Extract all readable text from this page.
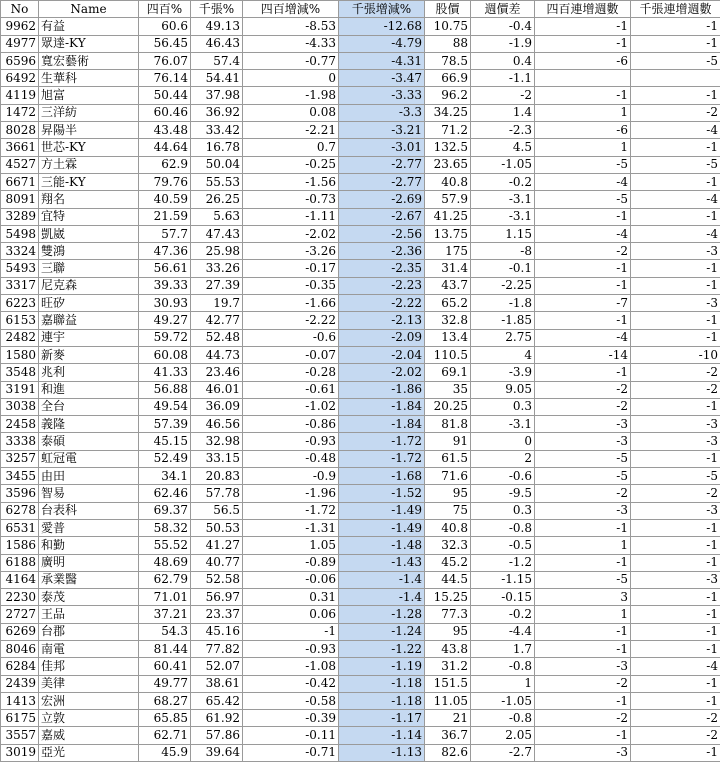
No	Name	四百%	千張%	四百增減%	千張增減%	股價	週價差	四百連增週數	千張連增週數
9962	有益	60.6	49.13	-8.53	-12.68	10.75	-0.4	-1	-1
4977	眾達-KY	56.45	46.43	-4.33	-4.79	88	-1.9	-1	-1
6596	寬宏藝術	76.07	57.4	-0.77	-4.31	78.5	0.4	-6	-5
6492	生華科	76.14	54.41	0	-3.47	66.9	-1.1		
4119	旭富	50.44	37.98	-1.98	-3.33	96.2	-2	-1	-1
1472	三洋紡	60.46	36.92	0.08	-3.3	34.25	1.4	1	-2
8028	昇陽半	43.48	33.42	-2.21	-3.21	71.2	-2.3	-6	-4
3661	世芯-KY	44.64	16.78	0.7	-3.01	132.5	4.5	1	-1
4527	方土霖	62.9	50.04	-0.25	-2.77	23.65	-1.05	-5	-5
6671	三能-KY	79.76	55.53	-1.56	-2.77	40.8	-0.2	-4	-1
8091	翔名	40.59	26.25	-0.73	-2.69	57.9	-3.1	-5	-4
3289	宜特	21.59	5.63	-1.11	-2.67	41.25	-3.1	-1	-1
5498	凱崴	57.7	47.43	-2.02	-2.56	13.75	1.15	-4	-4
3324	雙鴻	47.36	25.98	-3.26	-2.36	175	-8	-2	-3
5493	三聯	56.61	33.26	-0.17	-2.35	31.4	-0.1	-1	-1
3317	尼克森	39.33	27.39	-0.35	-2.23	43.7	-2.25	-1	-1
6223	旺矽	30.93	19.7	-1.66	-2.22	65.2	-1.8	-7	-3
6153	嘉聯益	49.27	42.77	-2.22	-2.13	32.8	-1.85	-1	-1
2482	連宇	59.72	52.48	-0.6	-2.09	13.4	2.75	-4	-1
1580	新麥	60.08	44.73	-0.07	-2.04	110.5	4	-14	-10
3548	兆利	41.33	23.46	-0.28	-2.02	69.1	-3.9	-1	-2
3191	和進	56.88	46.01	-0.61	-1.86	35	9.05	-2	-2
3038	全台	49.54	36.09	-1.02	-1.84	20.25	0.3	-2	-1
2458	義隆	57.39	46.56	-0.86	-1.84	81.8	-3.1	-3	-3
3338	泰碩	45.15	32.98	-0.93	-1.72	91	0	-3	-3
3257	虹冠電	52.49	33.15	-0.48	-1.72	61.5	2	-5	-1
3455	由田	34.1	20.83	-0.9	-1.68	71.6	-0.6	-5	-5
3596	智易	62.46	57.78	-1.96	-1.52	95	-9.5	-2	-2
6278	台表科	69.37	56.5	-1.72	-1.49	75	0.3	-3	-3
6531	愛普	58.32	50.53	-1.31	-1.49	40.8	-0.8	-1	-1
1586	和勤	55.52	41.27	1.05	-1.48	32.3	-0.5	1	-1
6188	廣明	48.69	40.77	-0.89	-1.43	45.2	-1.2	-1	-1
4164	承業醫	62.79	52.58	-0.06	-1.4	44.5	-1.15	-5	-3
2230	泰茂	71.01	56.97	0.31	-1.4	15.25	-0.15	3	-1
2727	王品	37.21	23.37	0.06	-1.28	77.3	-0.2	1	-1
6269	台郡	54.3	45.16	-1	-1.24	95	-4.4	-1	-1
8046	南電	81.44	77.82	-0.93	-1.22	43.8	1.7	-1	-1
6284	佳邦	60.41	52.07	-1.08	-1.19	31.2	-0.8	-3	-4
2439	美律	49.77	38.61	-0.42	-1.18	151.5	1	-2	-1
1413	宏洲	68.27	65.42	-0.58	-1.18	11.05	-1.05	-1	-1
6175	立敦	65.85	61.92	-0.39	-1.17	21	-0.8	-2	-2
3557	嘉威	62.71	57.86	-0.11	-1.14	36.7	2.05	-1	-2
3019	亞光	45.9	39.64	-0.71	-1.13	82.6	-2.7	-3	-1
